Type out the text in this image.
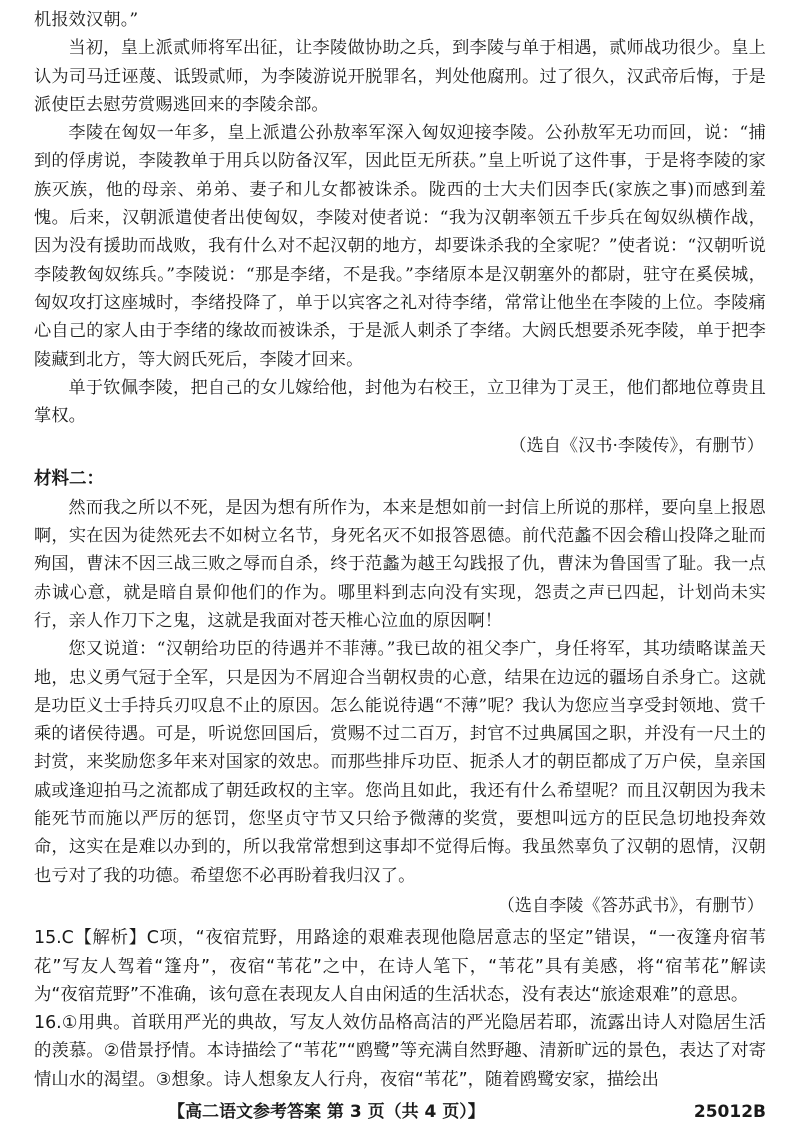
机报效汉朝。”

当初，皇上派贰师将军出征，让李陵做协助之兵，到李陵与单于相遇，贰师战功很少。皇上认为司马迁诬蔑、诋毁贰师，为李陵游说开脱罪名，判处他腐刑。过了很久，汉武帝后悔，于是派使臣去慰劳赏赐逃回来的李陵余部。

李陵在匈奴一年多，皇上派遣公孙敖率军深入匈奴迎接李陵。公孙敖军无功而回，说：“捕到的俘虏说，李陵教单于用兵以防备汉军，因此臣无所获。”皇上听说了这件事，于是将李陵的家族灭族，他的母亲、弟弟、妻子和儿女都被诛杀。陇西的士大夫们因李氏(家族之事)而感到羞愧。后来，汉朝派遣使者出使匈奴，李陵对使者说：“我为汉朝率领五千步兵在匈奴纵横作战，因为没有援助而战败，我有什么对不起汉朝的地方，却要诛杀我的全家呢？”使者说：“汉朝听说李陵教匈奴练兵。”李陵说：“那是李绪，不是我。”李绪原本是汉朝塞外的都尉，驻守在奚侯城，匈奴攻打这座城时，李绪投降了，单于以宾客之礼对待李绪，常常让他坐在李陵的上位。李陵痛心自己的家人由于李绪的缘故而被诛杀，于是派人刺杀了李绪。大阏氏想要杀死李陵，单于把李陵藏到北方，等大阏氏死后，李陵才回来。

单于钦佩李陵，把自己的女儿嫁给他，封他为右校王，立卫律为丁灵王，他们都地位尊贵且掌权。

（选自《汉书·李陵传》，有删节）

材料二：

然而我之所以不死，是因为想有所作为，本来是想如前一封信上所说的那样，要向皇上报恩啊，实在因为徒然死去不如树立名节，身死名灭不如报答恩德。前代范蠡不因会稽山投降之耻而殉国，曹沫不因三战三败之辱而自杀，终于范蠡为越王勾践报了仇，曹沫为鲁国雪了耻。我一点赤诚心意，就是暗自景仰他们的作为。哪里料到志向没有实现，怨责之声已四起，计划尚未实行，亲人作刀下之鬼，这就是我面对苍天椎心泣血的原因啊！

您又说道：“汉朝给功臣的待遇并不菲薄。”我已故的祖父李广，身任将军，其功绩略谋盖天地，忠义勇气冠于全军，只是因为不屑迎合当朝权贵的心意，结果在边远的疆场自杀身亡。这就是功臣义士手持兵刃叹息不止的原因。怎么能说待遇“不薄”呢？我认为您应当享受封领地、赏千乘的诸侯待遇。可是，听说您回国后，赏赐不过二百万，封官不过典属国之职，并没有一尺土的封赏，来奖励您多年来对国家的效忠。而那些排斥功臣、扼杀人才的朝臣都成了万户侯，皇亲国戚或逢迎拍马之流都成了朝廷政权的主宰。您尚且如此，我还有什么希望呢？而且汉朝因为我未能死节而施以严厉的惩罚，您坚贞守节又只给予微薄的奖赏，要想叫远方的臣民急切地投奔效命，这实在是难以办到的，所以我常常想到这事却不觉得后悔。我虽然辜负了汉朝的恩情，汉朝也亏对了我的功德。希望您不必再盼着我归汉了。

（选自李陵《答苏武书》，有删节）

15.C【解析】C项，“夜宿荒野，用路途的艰难表现他隐居意志的坚定”错误，“一夜篷舟宿苇花”写友人驾着“篷舟”，夜宿“苇花”之中，在诗人笔下，“苇花”具有美感，将“宿苇花”解读为“夜宿荒野”不准确，该句意在表现友人自由闲适的生活状态，没有表达“旅途艰难”的意思。

16.①用典。首联用严光的典故，写友人效仿品格高洁的严光隐居若耶，流露出诗人对隐居生活的羡慕。②借景抒情。本诗描绘了“苇花”“鸥鹭”等充满自然野趣、清新旷远的景色，表达了对寄情山水的渴望。③想象。诗人想象友人行舟，夜宿“苇花”，随着鸥鹭安家，描绘出

【高二语文参考答案 第 3 页（共 4 页）】	25012B
